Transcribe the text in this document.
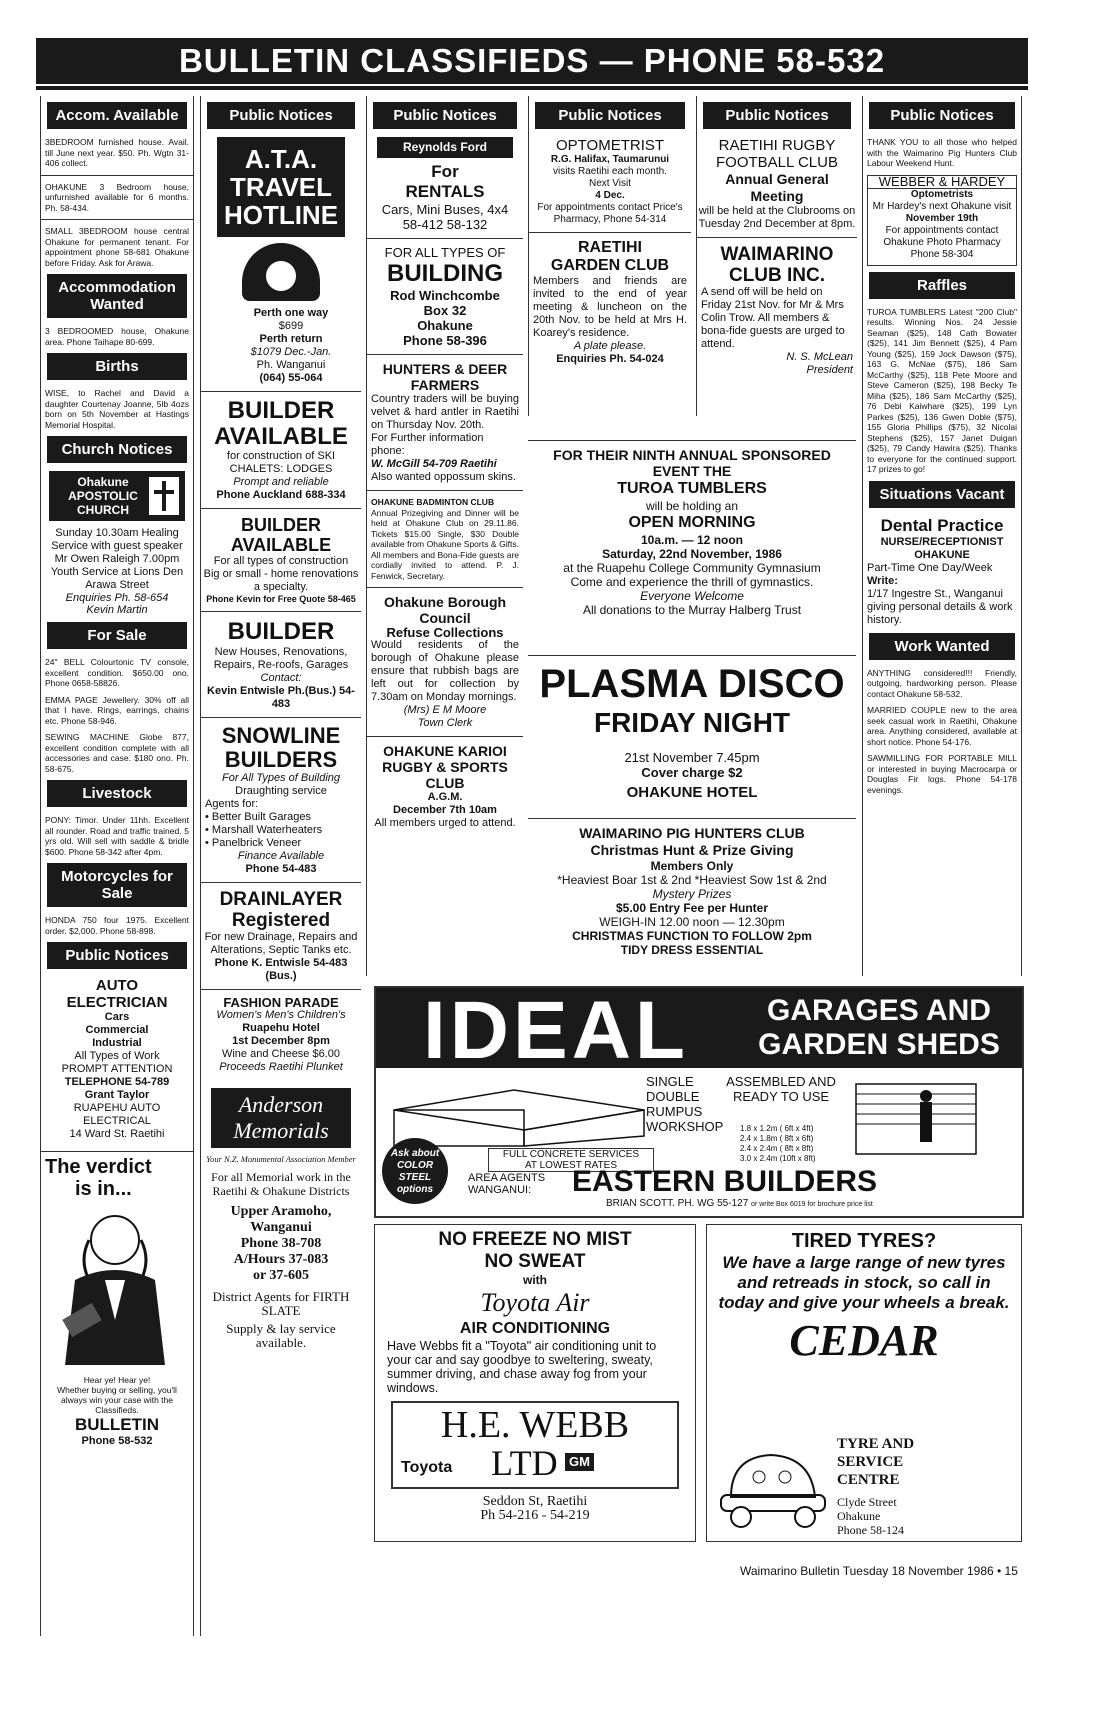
BULLETIN CLASSIFIEDS — PHONE 58-532
Accom. Available

3BEDROOM furnished house. Avail. till June next year. $50. Ph. Wgtn 31-406 collect.

OHAKUNE 3 Bedroom house, unfurnished available for 6 months. Ph. 58-434.

SMALL 3BEDROOM house central Ohakune for permanent tenant. For appointment phone 58-681 Ohakune before Friday. Ask for Arawa.

Accommodation Wanted

3 BEDROOMED house, Ohakune area. Phone Taihape 80-699.

Births

WISE, to Rachel and David a daughter Courtenay Joanne, 5lb 4ozs born on 5th November at Hastings Memorial Hospital.

Church Notices

Ohakune

APOSTOLIC

CHURCH

Sunday 10.30am Healing Service with guest speaker Mr Owen Raleigh 7.00pm Youth Service at Lions Den Arawa Street

Enquiries Ph. 58-654

Kevin Martin

For Sale

24" BELL Colourtonic TV console, excellent condition. $650.00 ono. Phone 0658-58826.

EMMA PAGE Jewellery. 30% off all that I have. Rings, earrings, chains etc. Phone 58-946.

SEWING MACHINE Globe 877, excellent condition complete with all accessories and case. $180 ono. Ph. 58-675.

Livestock

PONY: Timor. Under 11hh. Excellent all rounder. Road and traffic trained. 5 yrs old. Will sell with saddle & bridle $600. Phone 58-342 after 4pm.

Motorcycles for Sale

HONDA 750 four 1975. Excellent order. $2,000. Phone 58-898.

Public Notices

AUTO

ELECTRICIAN

Cars

Commercial

Industrial

All Types of Work

PROMPT ATTENTION

TELEPHONE 54-789

Grant Taylor

RUAPEHU AUTO

ELECTRICAL

14 Ward St. Raetihi

The verdict

is in...

Hear ye! Hear ye!

Whether buying or selling, you'll always win your case with the Classifieds.

BULLETIN

Phone 58-532

Public Notices

A.T.A.

TRAVEL

HOTLINE

Perth one way

$699

Perth return

$1079 Dec.-Jan.

Ph. Wanganui

(064) 55-064

BUILDER

AVAILABLE

for construction of SKI CHALETS: LODGES

Prompt and reliable

Phone Auckland 688-334

BUILDER

AVAILABLE

For all types of construction

Big or small - home renovations a specialty.

Phone Kevin for Free Quote 58-465

BUILDER

New Houses, Renovations, Repairs, Re-roofs, Garages

Contact:

Kevin Entwisle Ph.(Bus.) 54-483

SNOWLINE

BUILDERS

For All Types of Building

Draughting service

Agents for:

• Better Built Garages

• Marshall Waterheaters

• Panelbrick Veneer

Finance Available

Phone 54-483

DRAINLAYER

Registered

For new Drainage, Repairs and Alterations, Septic Tanks etc.

Phone K. Entwisle 54-483 (Bus.)

FASHION PARADE

Women's Men's Children's

Ruapehu Hotel

1st December 8pm

Wine and Cheese $6.00

Proceeds Raetihi Plunket

Anderson

Memorials

Your N.Z. Monumental Association Member

For all Memorial work in the Raetihi & Ohakune Districts

Upper Aramoho, Wanganui

Phone 38-708

A/Hours 37-083

or 37-605

District Agents for FIRTH SLATE

Supply & lay service available.

Public Notices
Reynolds Ford

For

RENTALS

Cars, Mini Buses, 4x4

58-412 58-132

FOR ALL TYPES OF

BUILDING

Rod Winchcombe

Box 32

Ohakune

Phone 58-396

HUNTERS & DEER FARMERS

Country traders will be buying velvet & hard antler in Raetihi on Thursday Nov. 20th.

For Further information phone:

W. McGill 54-709 Raetihi

Also wanted oppossum skins.

OHAKUNE BADMINTON CLUB

Annual Prizegiving and Dinner will be held at Ohakune Club on 29.11.86. Tickets $15.00 Single, $30 Double available from Ohakune Sports & Gifts. All members and Bona-Fide guests are cordially invited to attend. P. J. Fenwick, Secretary.

Ohakune Borough Council

Refuse Collections

Would residents of the borough of Ohakune please ensure that rubbish bags are left out for collection by 7.30am on Monday mornings.

(Mrs) E M Moore

Town Clerk

OHAKUNE KARIOI RUGBY & SPORTS CLUB

A.G.M.

December 7th 10am

All members urged to attend.

Public Notices

OPTOMETRIST

R.G. Halifax, Taumarunui

visits Raetihi each month.

Next Visit

4 Dec.

For appointments contact Price's Pharmacy, Phone 54-314

RAETIHI

GARDEN CLUB

Members and friends are invited to the end of year meeting & luncheon on the 20th Nov. to be held at Mrs H. Koarey's residence.

A plate please.

Enquiries Ph. 54-024

Public Notices

RAETIHI RUGBY FOOTBALL CLUB

Annual General Meeting

will be held at the Clubrooms on Tuesday 2nd December at 8pm.

WAIMARINO CLUB INC.

A send off will be held on Friday 21st Nov. for Mr & Mrs Colin Trow. All members & bona-fide guests are urged to attend.

N. S. McLean

President

FOR THEIR NINTH ANNUAL SPONSORED EVENT THE

TUROA TUMBLERS

will be holding an

OPEN MORNING

10a.m. — 12 noon

Saturday, 22nd November, 1986

at the Ruapehu College Community Gymnasium

Come and experience the thrill of gymnastics.

Everyone Welcome

All donations to the Murray Halberg Trust

PLASMA DISCO

FRIDAY NIGHT

21st November 7.45pm

Cover charge $2

OHAKUNE HOTEL

WAIMARINO PIG HUNTERS CLUB

Christmas Hunt & Prize Giving

Members Only

*Heaviest Boar 1st & 2nd *Heaviest Sow 1st & 2nd

Mystery Prizes

$5.00 Entry Fee per Hunter

WEIGH-IN 12.00 noon — 12.30pm

CHRISTMAS FUNCTION TO FOLLOW 2pm

TIDY DRESS ESSENTIAL

Public Notices

THANK YOU to all those who helped with the Waimarino Pig Hunters Club Labour Weekend Hunt.

WEBBER & HARDEY

Optometrists

Mr Hardey's next Ohakune visit

November 19th

For appointments contact Ohakune Photo Pharmacy Phone 58-304

Raffles

TUROA TUMBLERS Latest "200 Club" results. Winning Nos. 24 Jessie Seaman ($25), 148 Cath Bowater ($25), 141 Jim Bennett ($25), 4 Pam Young ($25), 159 Jock Dawson ($75), 163 G. McNae ($75), 186 Sam McCarthy ($25), 118 Pete Moore and Steve Cameron ($25), 198 Becky Te Miha ($25), 186 Sam McCarthy ($25), 76 Debi Kaiwhare ($25), 199 Lyn Parkes ($25), 136 Gwen Doble ($75), 155 Gloria Phillips ($75), 32 Nicolai Stephens ($25), 157 Janet Duigan ($25), 79 Candy Hawira ($25). Thanks to everyone for the continued support. 17 prizes to go!

Situations Vacant

Dental Practice

NURSE/RECEPTIONIST

OHAKUNE

Part-Time One Day/Week

Write:

1/17 Ingestre St., Wanganui giving personal details & work history.

Work Wanted

ANYTHING considered!!! Friendly, outgoing, hardworking person. Please contact Ohakune 58-532.

MARRIED COUPLE new to the area seek casual work in Raetihi, Ohakune area. Anything considered, available at short notice. Phone 54-176.

SAWMILLING FOR PORTABLE MILL or interested in buying Macrocarpa or Douglas Fir logs. Phone 54-178 evenings.

IDEAL	GARAGES AND

GARDEN SHEDS

SINGLE

DOUBLE

RUMPUS

WORKSHOP

ASSEMBLED AND READY TO USE

1.8 x 1.2m ( 6ft x 4ft)

2.4 x 1.8m ( 8ft x 6ft)

2.4 x 2.4m ( 8ft x 8ft)

3.0 x 2.4m (10ft x 8ft)

FULL CONCRETE SERVICES

AT LOWEST RATES

Ask about COLOR STEEL options
AREA AGENTS WANGANUI:	EASTERN BUILDERS
BRIAN SCOTT. PH. WG 55-127 or write Box 6019 for brochure price list

NO FREEZE NO MIST

NO SWEAT

with

Toyota Air

AIR CONDITIONING

Have Webbs fit a "Toyota" air conditioning unit to your car and say goodbye to sweltering, sweaty, summer driving, and chase away fog from your windows.

H.E. WEBB

Toyota LTD GM

Seddon St, Raetihi

Ph 54-216 - 54-219

TIRED TYRES?

We have a large range of new tyres and retreads in stock, so call in today and give your wheels a break.

CEDAR

TYRE AND SERVICE CENTRE

Clyde Street

Ohakune

Phone 58-124

Waimarino Bulletin Tuesday 18 November 1986 • 15
